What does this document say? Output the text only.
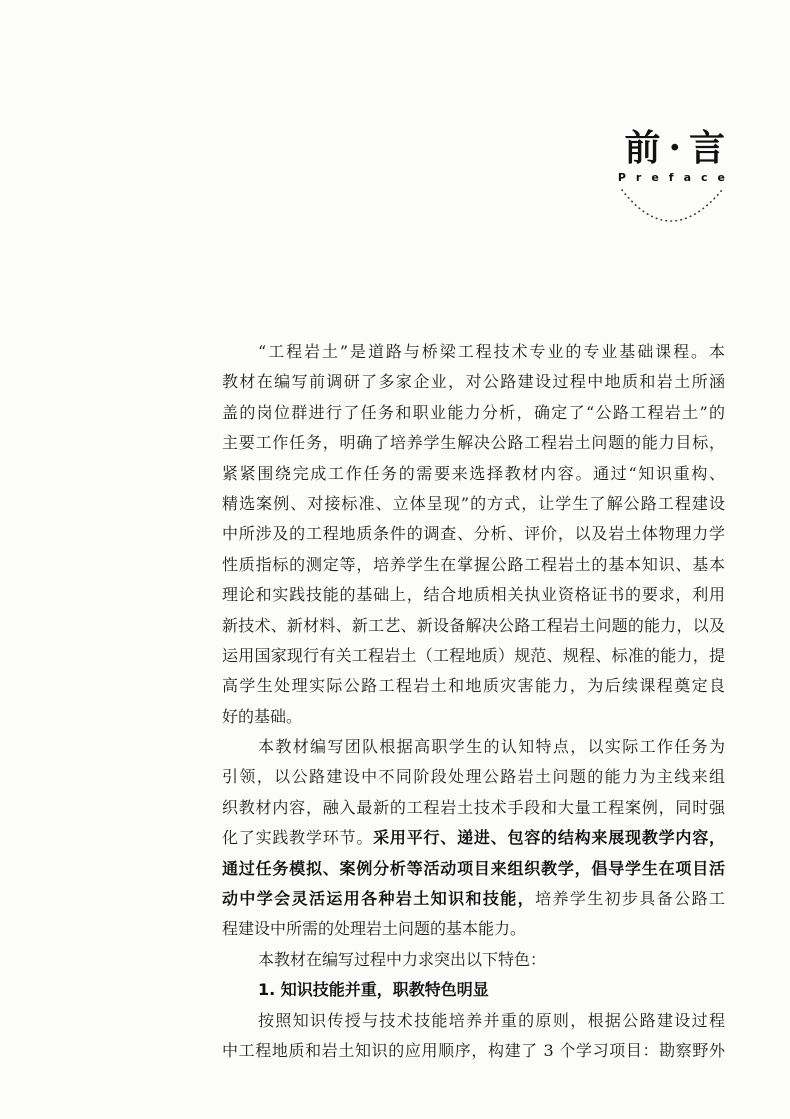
前·言
Preface
“工程岩土”是道路与桥梁工程技术专业的专业基础课程。本
教材在编写前调研了多家企业，对公路建设过程中地质和岩土所涵
盖的岗位群进行了任务和职业能力分析，确定了“公路工程岩土”的
主要工作任务，明确了培养学生解决公路工程岩土问题的能力目标，
紧紧围绕完成工作任务的需要来选择教材内容。通过“知识重构、
精选案例、对接标准、立体呈现”的方式，让学生了解公路工程建设
中所涉及的工程地质条件的调查、分析、评价，以及岩土体物理力学
性质指标的测定等，培养学生在掌握公路工程岩土的基本知识、基本
理论和实践技能的基础上，结合地质相关执业资格证书的要求，利用
新技术、新材料、新工艺、新设备解决公路工程岩土问题的能力，以及
运用国家现行有关工程岩土（工程地质）规范、规程、标准的能力，提
高学生处理实际公路工程岩土和地质灾害能力，为后续课程奠定良
好的基础。
本教材编写团队根据高职学生的认知特点，以实际工作任务为
引领，以公路建设中不同阶段处理公路岩土问题的能力为主线来组
织教材内容，融入最新的工程岩土技术手段和大量工程案例，同时强
化了实践教学环节。采用平行、递进、包容的结构来展现教学内容，
通过任务模拟、案例分析等活动项目来组织教学，倡导学生在项目活
动中学会灵活运用各种岩土知识和技能，培养学生初步具备公路工
程建设中所需的处理岩土问题的基本能力。
本教材在编写过程中力求突出以下特色：
1. 知识技能并重，职教特色明显
按照知识传授与技术技能培养并重的原则，根据公路建设过程
中工程地质和岩土知识的应用顺序，构建了 3 个学习项目：勘察野外
